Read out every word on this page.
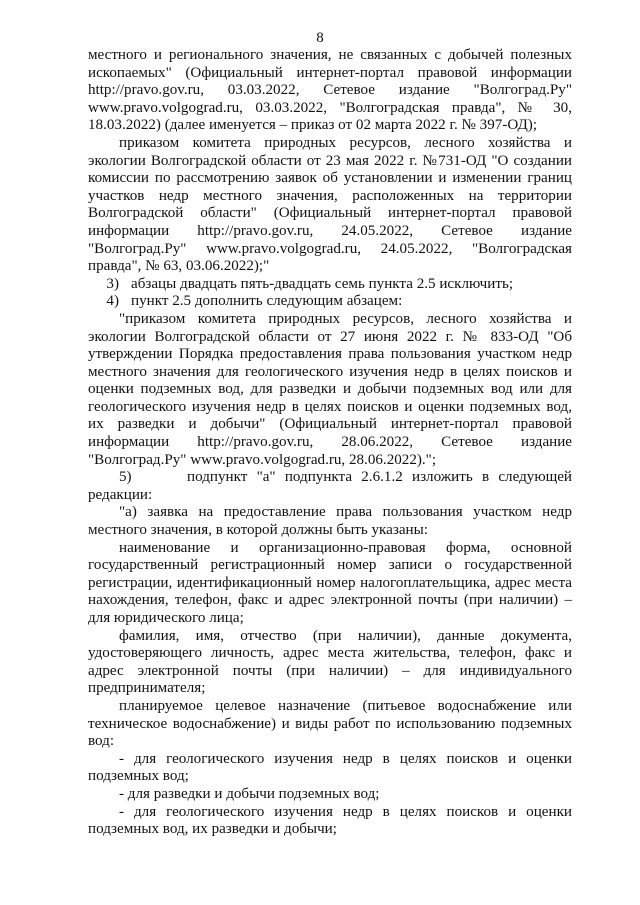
8

местного и регионального значения, не связанных с добычей полезных ископаемых" (Официальный интернет-портал правовой информации http://pravo.gov.ru, 03.03.2022, Сетевое издание "Волгоград.Ру" www.pravo.volgograd.ru, 03.03.2022, "Волгоградская правда", № 30, 18.03.2022) (далее именуется – приказ от 02 марта 2022 г. № 397-ОД);

приказом комитета природных ресурсов, лесного хозяйства и экологии Волгоградской области от 23 мая 2022 г. №731-ОД "О создании комиссии по рассмотрению заявок об установлении и изменении границ участков недр местного значения, расположенных на территории Волгоградской области" (Официальный интернет-портал правовой информации http://pravo.gov.ru, 24.05.2022, Сетевое издание "Волгоград.Ру" www.pravo.volgograd.ru, 24.05.2022, "Волгоградская правда", № 63, 03.06.2022);"

3) абзацы двадцать пять-двадцать семь пункта 2.5 исключить;
4) пункт 2.5 дополнить следующим абзацем:

"приказом комитета природных ресурсов, лесного хозяйства и экологии Волгоградской области от 27 июня 2022 г. № 833-ОД "Об утверждении Порядка предоставления права пользования участком недр местного значения для геологического изучения недр в целях поисков и оценки подземных вод, для разведки и добычи подземных вод или для геологического изучения недр в целях поисков и оценки подземных вод, их разведки и добычи" (Официальный интернет-портал правовой информации http://pravo.gov.ru, 28.06.2022, Сетевое издание "Волгоград.Ру" www.pravo.volgograd.ru, 28.06.2022).";

5)	подпункт "а" подпункта 2.6.1.2 изложить в следующей редакции:

"а) заявка на предоставление права пользования участком недр местного значения, в которой должны быть указаны:

наименование и организационно-правовая форма, основной государственный регистрационный номер записи о государственной регистрации, идентификационный номер налогоплательщика, адрес места нахождения, телефон, факс и адрес электронной почты (при наличии) – для юридического лица;

фамилия, имя, отчество (при наличии), данные документа, удостоверяющего личность, адрес места жительства, телефон, факс и адрес электронной почты (при наличии) – для индивидуального предпринимателя;

планируемое целевое назначение (питьевое водоснабжение или техническое водоснабжение) и виды работ по использованию подземных вод:

- для геологического изучения недр в целях поисков и оценки подземных вод;

- для разведки и добычи подземных вод;

- для геологического изучения недр в целях поисков и оценки подземных вод, их разведки и добычи;
